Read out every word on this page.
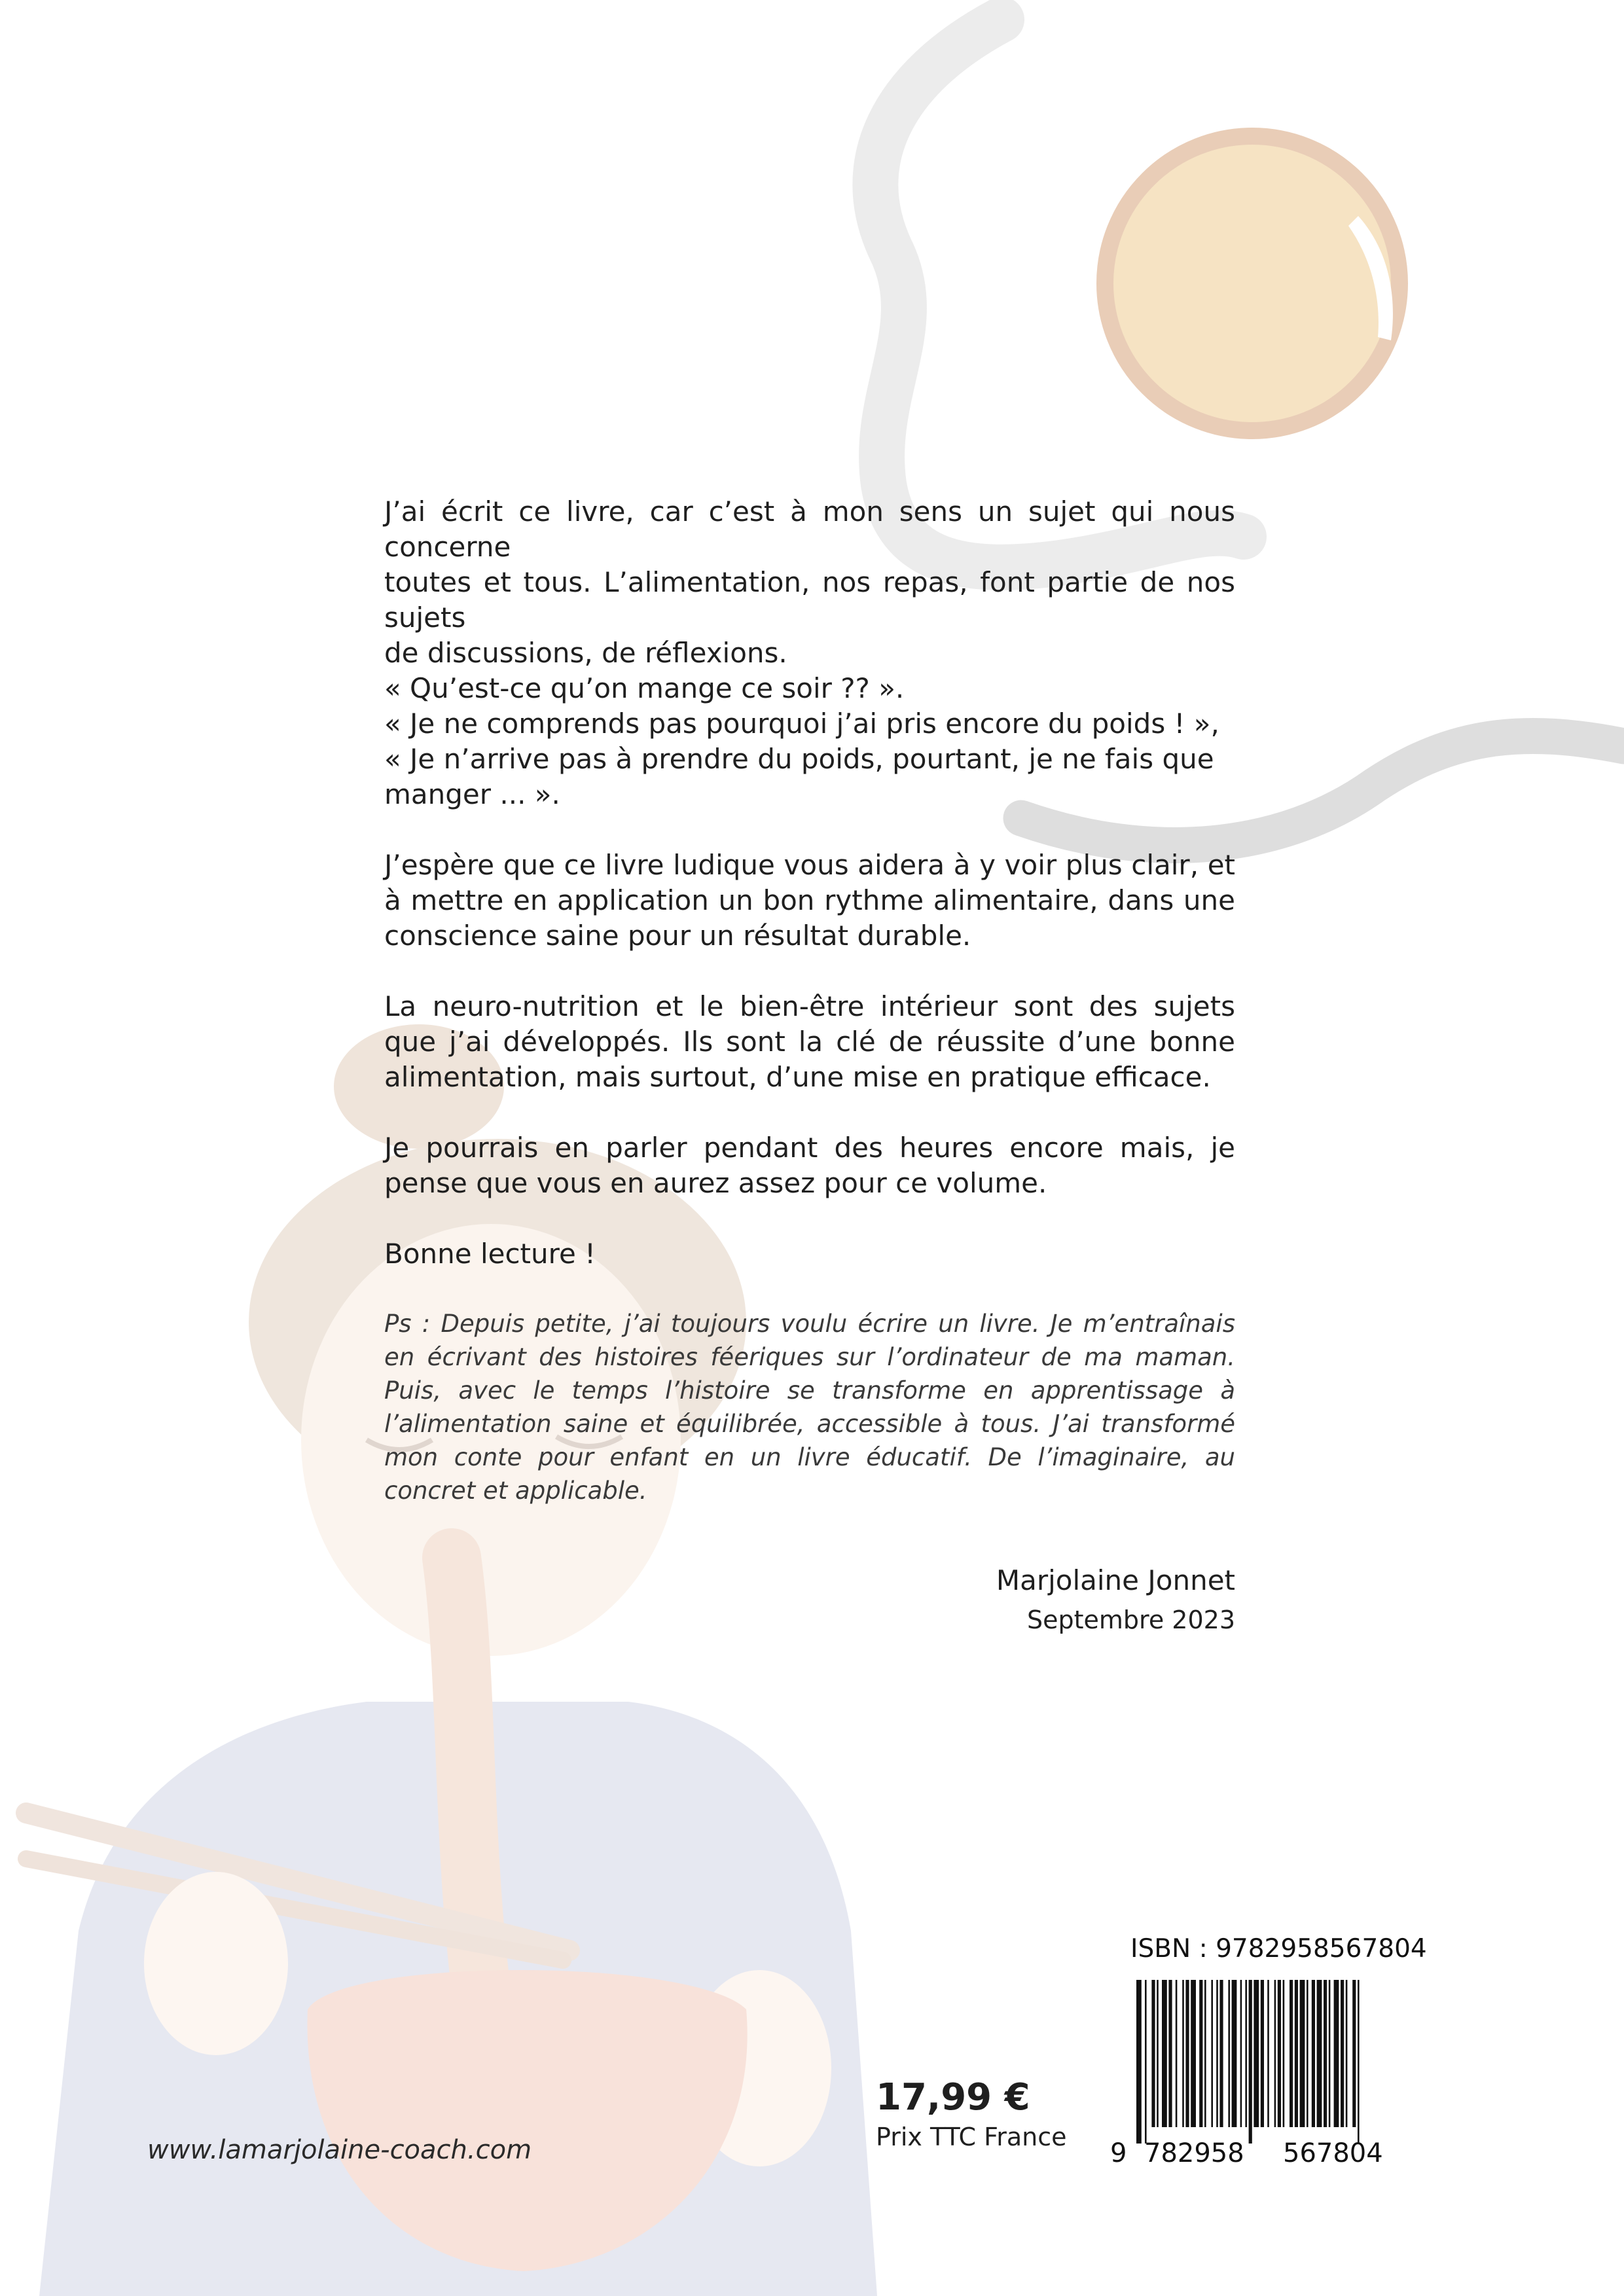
J’ai écrit ce livre, car c’est à mon sens un sujet qui nous concerne
toutes et tous. L’alimentation, nos repas, font partie de nos sujets
de discussions, de réflexions.
« Qu’est-ce qu’on mange ce soir ?? ».
« Je ne comprends pas pourquoi j’ai pris encore du poids ! »,
« Je n’arrive pas à prendre du poids, pourtant, je ne fais que
manger ... ».

J’espère que ce livre ludique vous aidera à y voir plus clair, et à mettre en application un bon rythme alimentaire, dans une conscience saine pour un résultat durable.

La neuro-nutrition et le bien-être intérieur sont des sujets que j’ai développés. Ils sont la clé de réussite d’une bonne alimentation, mais surtout, d’une mise en pratique efficace.

Je pourrais en parler pendant des heures encore mais, je pense que vous en aurez assez pour ce volume.

Bonne lecture !

Ps : Depuis petite, j’ai toujours voulu écrire un livre. Je m’entraînais en écrivant des histoires féeriques sur l’ordinateur de ma maman. Puis, avec le temps l’histoire se transforme en apprentissage à l’alimentation saine et équilibrée, accessible à tous. J’ai transformé mon conte pour enfant en un livre éducatif. De l’imaginaire, au concret et applicable.

Marjolaine Jonnet
Septembre 2023
www.lamarjolaine-coach.com
17,99 €
Prix TTC France
ISBN : 9782958567804
9 782958 567804
